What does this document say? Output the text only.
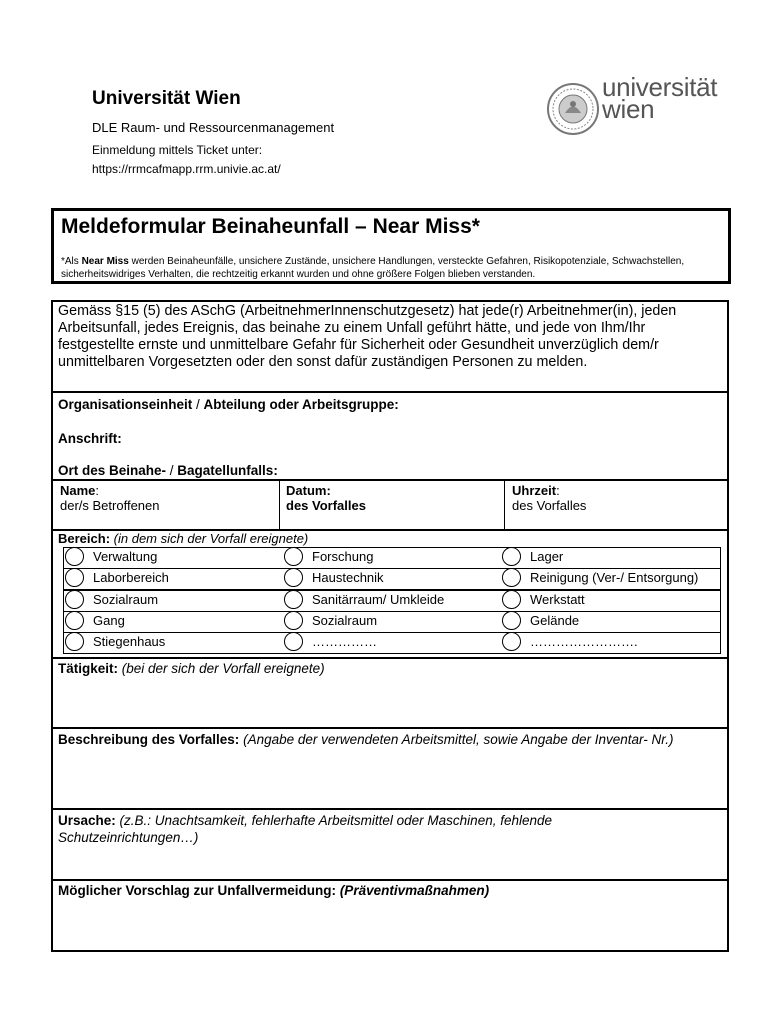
Universität Wien
DLE Raum- und Ressourcenmanagement
Einmeldung mittels Ticket unter:
https://rrmcafmapp.rrm.univie.ac.at/
universität
wien
Meldeformular Beinaheunfall – Near Miss*
*Als Near Miss werden Beinaheunfälle, unsichere Zustände, unsichere Handlungen, versteckte Gefahren, Risikopotenziale, Schwachstellen, sicherheitswidriges Verhalten, die rechtzeitig erkannt wurden und ohne größere Folgen blieben verstanden.
Gemäss §15 (5) des ASchG (ArbeitnehmerInnenschutzgesetz) hat jede(r) Arbeitnehmer(in), jeden Arbeitsunfall, jedes Ereignis, das beinahe zu einem Unfall geführt hätte, und jede von Ihm/Ihr festgestellte ernste und unmittelbare Gefahr für Sicherheit oder Gesundheit unverzüglich dem/r unmittelbaren Vorgesetzten oder den sonst dafür zuständigen Personen zu melden.
Organisationseinheit / Abteilung oder Arbeitsgruppe:
Anschrift:
Ort des Beinahe- / Bagatellunfalls:
Name:
der/s Betroffenen
Datum:
des Vorfalles
Uhrzeit:
des Vorfalles
Bereich: (in dem sich der Vorfall ereignete)
Verwaltung	Forschung	Lager
Laborbereich	Haustechnik	Reinigung (Ver-/ Entsorgung)
Sozialraum	Sanitärraum/ Umkleide	Werkstatt
Gang	Sozialraum	Gelände
Stiegenhaus	……………	…………………….
Tätigkeit: (bei der sich der Vorfall ereignete)
Beschreibung des Vorfalles: (Angabe der verwendeten Arbeitsmittel, sowie Angabe der Inventar- Nr.)
Ursache: (z.B.: Unachtsamkeit, fehlerhafte Arbeitsmittel oder Maschinen, fehlende Schutzeinrichtungen…)
Möglicher Vorschlag zur Unfallvermeidung: (Präventivmaßnahmen)
